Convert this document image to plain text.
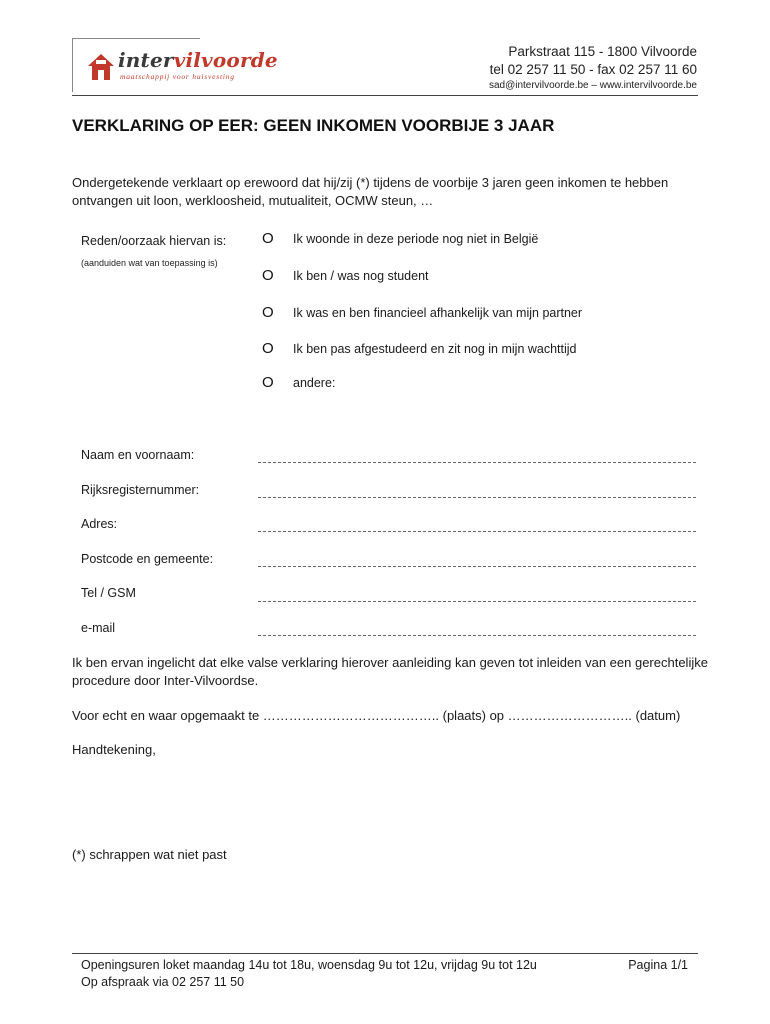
intervilvoorde
maatschappij voor huisvesting
Parkstraat 115 - 1800 Vilvoorde
tel 02 257 11 50 - fax 02 257 11 60
sad@intervilvoorde.be – www.intervilvoorde.be
VERKLARING OP EER: GEEN INKOMEN VOORBIJE 3 JAAR
Ondergetekende verklaart op erewoord dat hij/zij (*) tijdens de voorbije 3 jaren geen inkomen te hebben ontvangen uit loon, werkloosheid, mutualiteit, OCMW steun, …
Reden/oorzaak hiervan is:
(aanduiden wat van toepassing is)
O	Ik woonde in deze periode nog niet in België
O	Ik ben / was nog student
O	Ik was en ben financieel afhankelijk van mijn partner
O	Ik ben pas afgestudeerd en zit nog in mijn wachttijd
O	andere:
Naam en voornaam:
Rijksregisternummer:
Adres:
Postcode en gemeente:
Tel / GSM
e-mail
Ik ben ervan ingelicht dat elke valse verklaring hierover aanleiding kan geven tot inleiden van een gerechtelijke procedure door Inter-Vilvoordse.
Voor echt en waar opgemaakt te ………………………………….. (plaats) op ……………………….. (datum)
Handtekening,
(*) schrappen wat niet past
Openingsuren loket maandag 14u tot 18u, woensdag 9u tot 12u, vrijdag 9u tot 12u
Op afspraak via 02 257 11 50
Pagina 1/1
